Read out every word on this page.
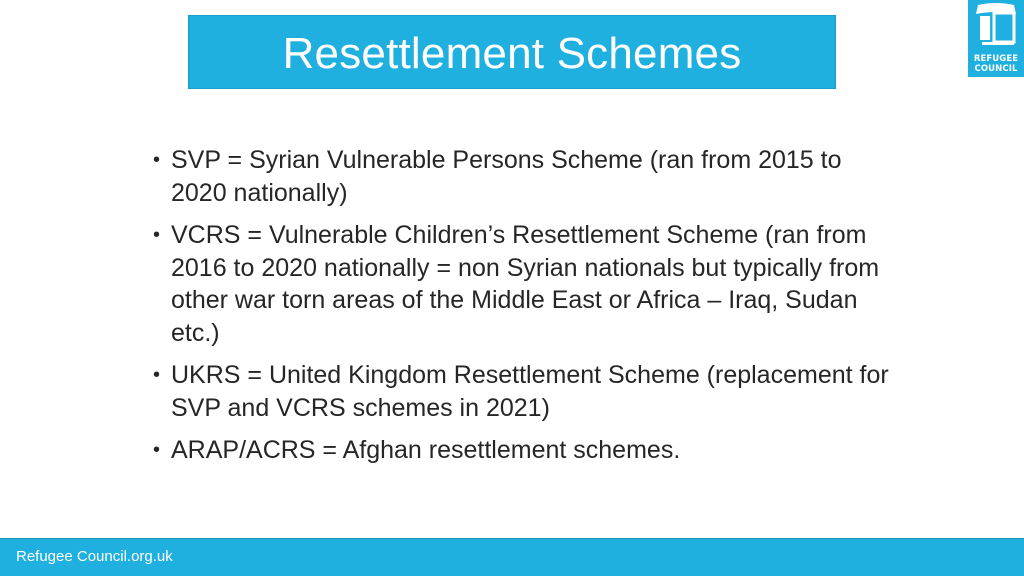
Resettlement Schemes	REFUGEE
COUNCIL
• SVP = Syrian Vulnerable Persons Scheme (ran from 2015 to 2020 nationally)
• VCRS = Vulnerable Children’s Resettlement Scheme (ran from 2016 to 2020 nationally = non Syrian nationals but typically from other war torn areas of the Middle East or Africa – Iraq, Sudan etc.)
• UKRS = United Kingdom Resettlement Scheme (replacement for SVP and VCRS schemes in 2021)
• ARAP/ACRS = Afghan resettlement schemes.
Refugee Council.org.uk
